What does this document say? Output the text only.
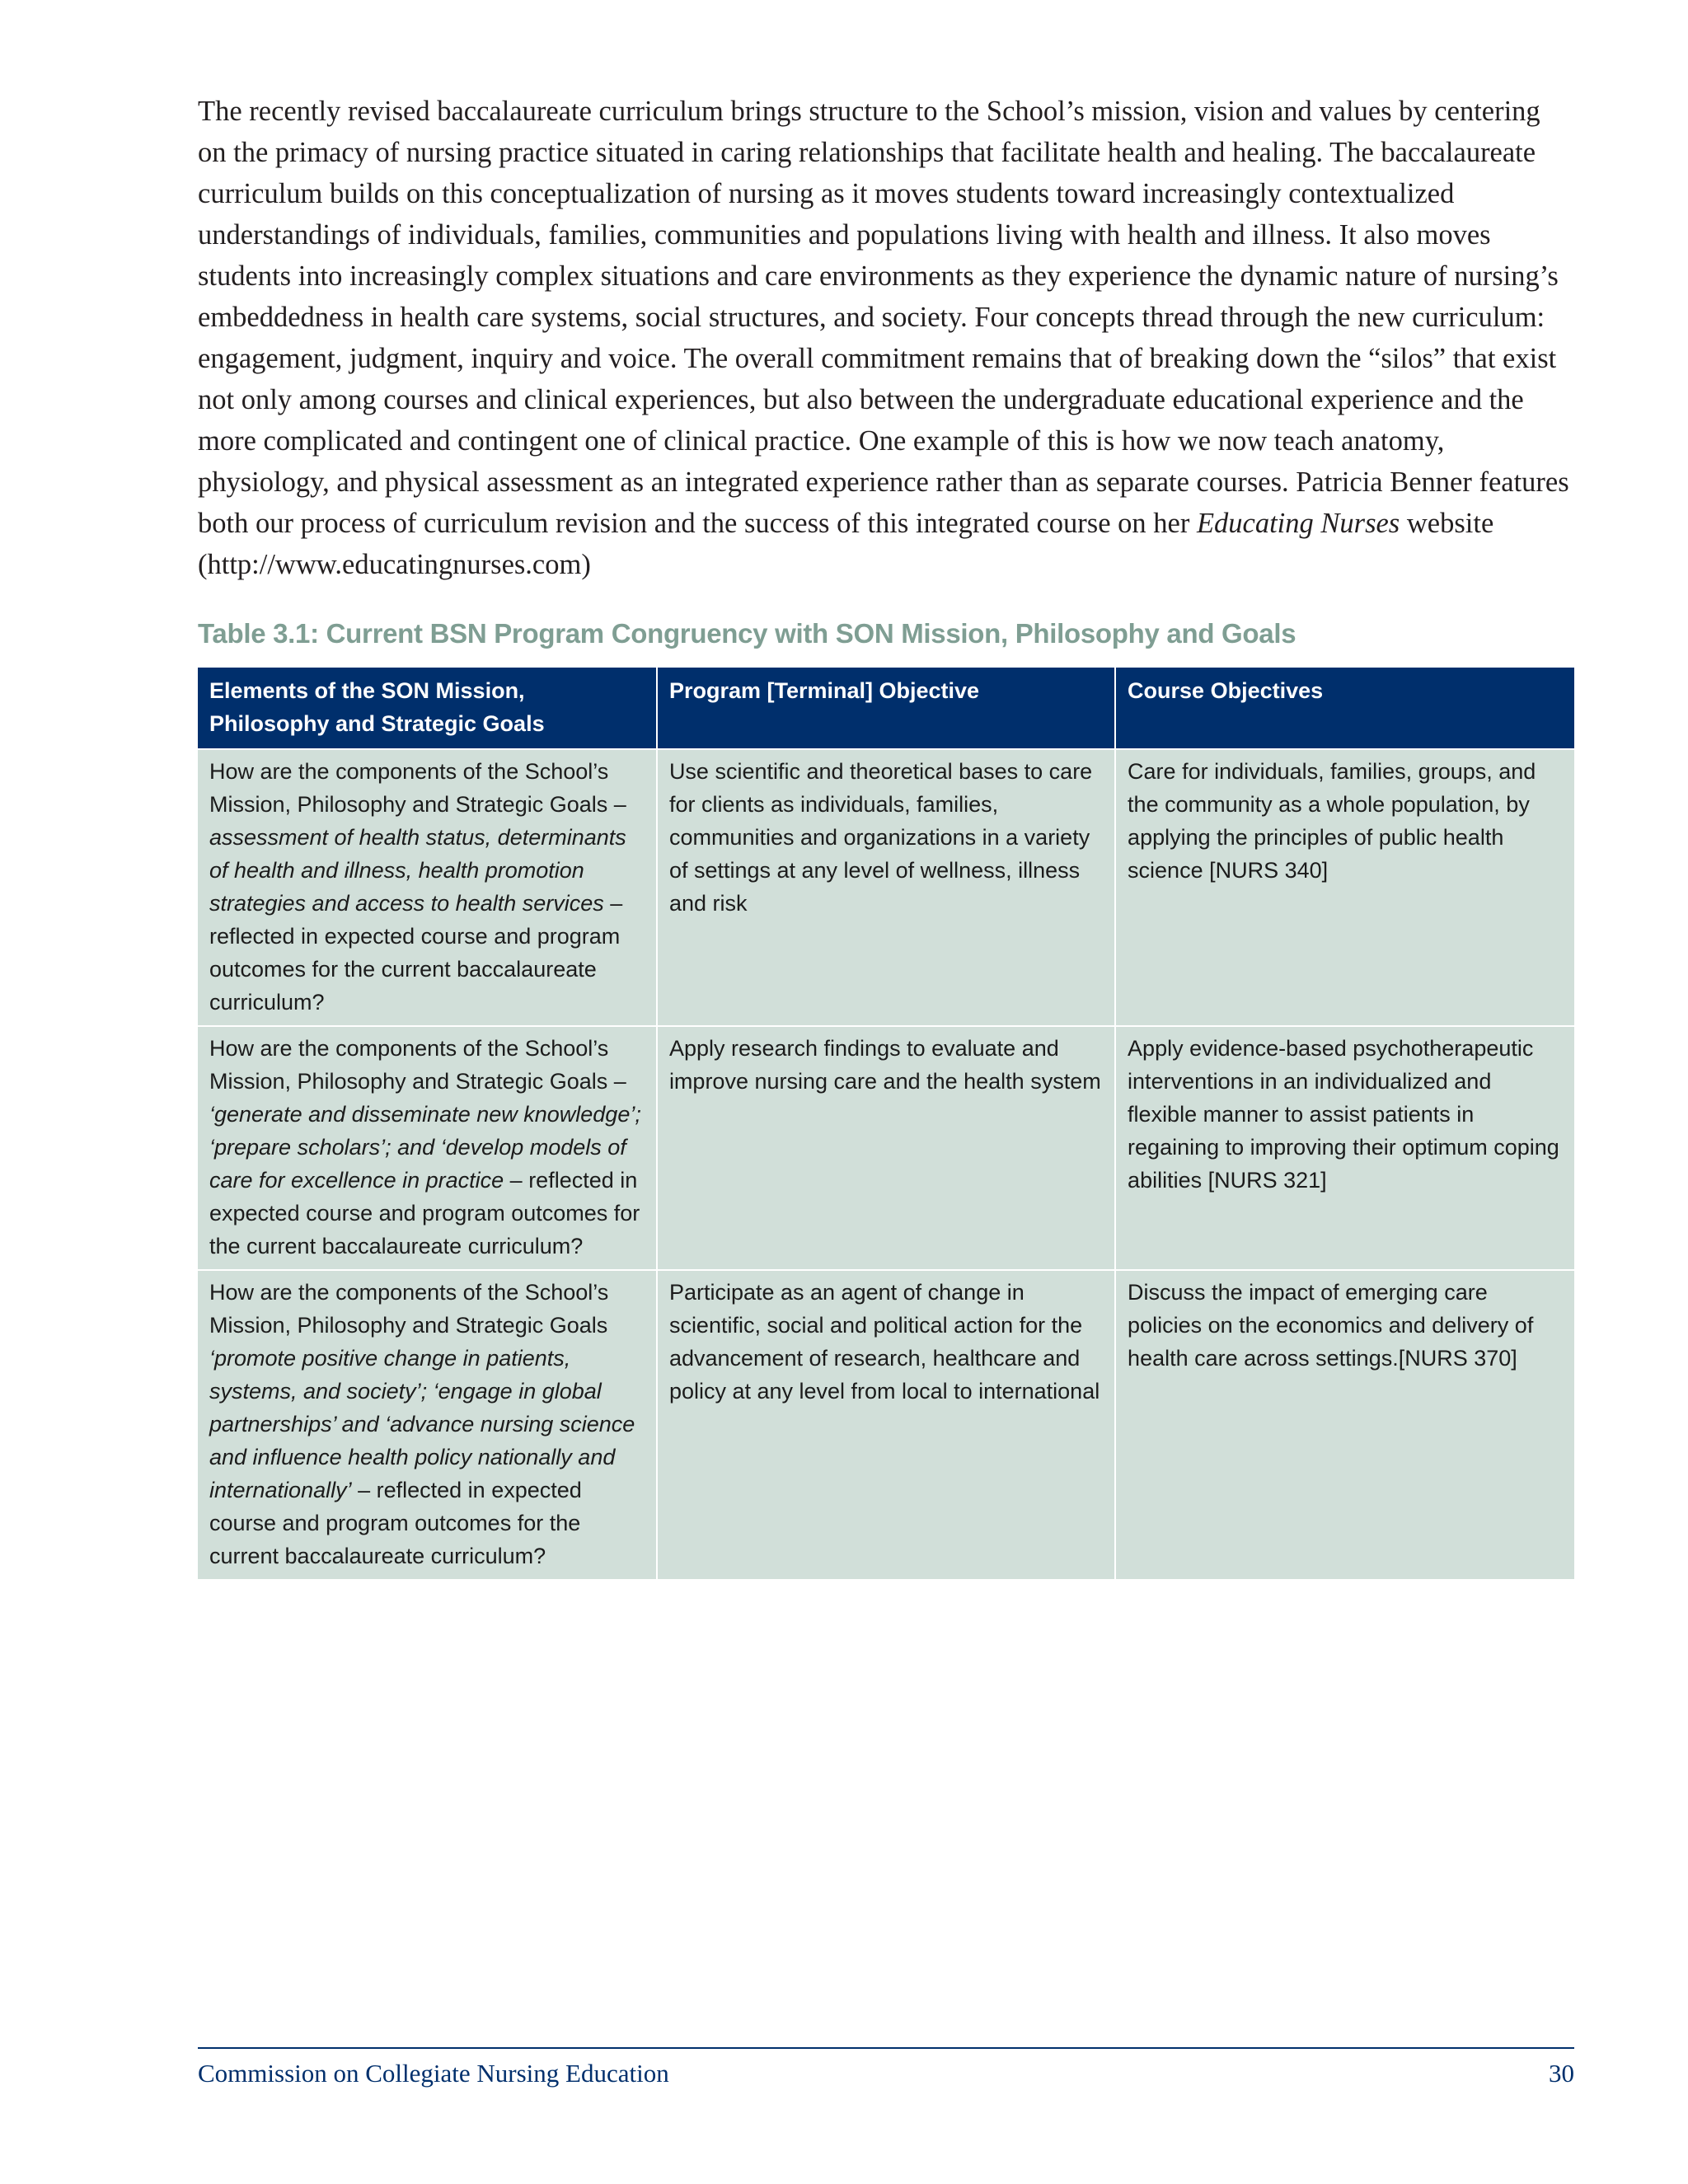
The recently revised baccalaureate curriculum brings structure to the School’s mission, vision and values by centering on the primacy of nursing practice situated in caring relationships that facilitate health and healing. The baccalaureate curriculum builds on this conceptualization of nursing as it moves students toward increasingly contextualized understandings of individuals, families, communities and populations living with health and illness. It also moves students into increasingly complex situations and care environments as they experience the dynamic nature of nursing’s embeddedness in health care systems, social structures, and society. Four concepts thread through the new curriculum: engagement, judgment, inquiry and voice. The overall commitment remains that of breaking down the “silos” that exist not only among courses and clinical experiences, but also between the undergraduate educational experience and the more complicated and contingent one of clinical practice. One example of this is how we now teach anatomy, physiology, and physical assessment as an integrated experience rather than as separate courses. Patricia Benner features both our process of curriculum revision and the success of this integrated course on her Educating Nurses website (http://www.educatingnurses.com)

Table 3.1: Current BSN Program Congruency with SON Mission, Philosophy and Goals
Elements of the SON Mission, Philosophy and Strategic Goals	Program [Terminal] Objective	Course Objectives
How are the components of the School’s Mission, Philosophy and Strategic Goals – assessment of health status, determinants of health and illness, health promotion strategies and access to health services – reflected in expected course and program outcomes for the current baccalaureate curriculum?	Use scientific and theoretical bases to care for clients as individuals, families, communities and organizations in a variety of settings at any level of wellness, illness and risk	Care for individuals, families, groups, and the community as a whole population, by applying the principles of public health science [NURS 340]
How are the components of the School’s Mission, Philosophy and Strategic Goals – ‘generate and disseminate new knowledge’; ‘prepare scholars’; and ‘develop models of care for excellence in practice – reflected in expected course and program outcomes for the current baccalaureate curriculum?	Apply research findings to evaluate and improve nursing care and the health system	Apply evidence-based psychotherapeutic interventions in an individualized and flexible manner to assist patients in regaining to improving their optimum coping abilities [NURS 321]
How are the components of the School’s Mission, Philosophy and Strategic Goals ‘promote positive change in patients, systems, and society’; ‘engage in global partnerships’ and ‘advance nursing science and influence health policy nationally and internationally’ – reflected in expected course and program outcomes for the current baccalaureate curriculum?	Participate as an agent of change in scientific, social and political action for the advancement of research, healthcare and policy at any level from local to international	Discuss the impact of emerging care policies on the economics and delivery of health care across settings.[NURS 370]
Commission on Collegiate Nursing Education	30
